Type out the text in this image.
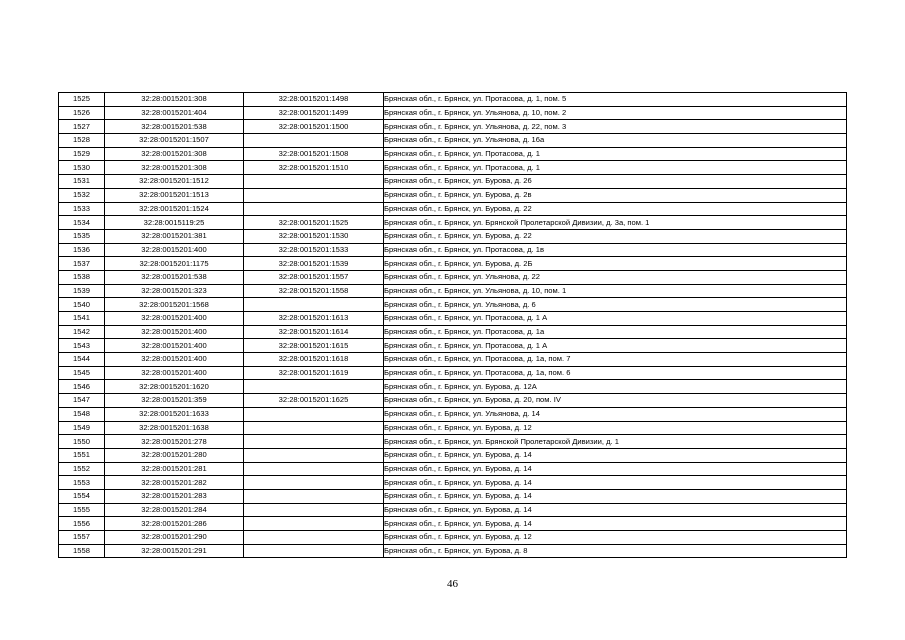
1525	32:28:0015201:308	32:28:0015201:1498	Брянская обл., г. Брянск, ул. Протасова, д. 1, пом. 5
1526	32:28:0015201:404	32:28:0015201:1499	Брянская обл., г. Брянск, ул. Ульянова, д. 10, пом. 2
1527	32:28:0015201:538	32:28:0015201:1500	Брянская обл., г. Брянск, ул. Ульянова, д. 22, пом. 3
1528	32:28:0015201:1507		Брянская обл., г. Брянск, ул. Ульянова, д. 16а
1529	32:28:0015201:308	32:28:0015201:1508	Брянская обл., г. Брянск, ул. Протасова, д. 1
1530	32:28:0015201:308	32:28:0015201:1510	Брянская обл., г. Брянск, ул. Протасова, д. 1
1531	32:28:0015201:1512		Брянская обл., г. Брянск, ул. Бурова, д. 26
1532	32:28:0015201:1513		Брянская обл., г. Брянск, ул. Бурова, д. 2в
1533	32:28:0015201:1524		Брянская обл., г. Брянск, ул. Бурова, д. 22
1534	32:28:0015119:25	32:28:0015201:1525	Брянская обл., г. Брянск, ул. Брянской Пролетарской Дивизии, д. 3а, пом. 1
1535	32:28:0015201:381	32:28:0015201:1530	Брянская обл., г. Брянск, ул. Бурова, д. 22
1536	32:28:0015201:400	32:28:0015201:1533	Брянская обл., г. Брянск, ул. Протасова, д. 1в
1537	32:28:0015201:1175	32:28:0015201:1539	Брянская обл., г. Брянск, ул. Бурова, д. 2Б
1538	32:28:0015201:538	32:28:0015201:1557	Брянская обл., г. Брянск, ул. Ульянова, д. 22
1539	32:28:0015201:323	32:28:0015201:1558	Брянская обл., г. Брянск, ул. Ульянова, д. 10, пом. 1
1540	32:28:0015201:1568		Брянская обл., г. Брянск, ул. Ульянова, д. 6
1541	32:28:0015201:400	32:28:0015201:1613	Брянская обл., г. Брянск, ул. Протасова, д. 1 А
1542	32:28:0015201:400	32:28:0015201:1614	Брянская обл., г. Брянск, ул. Протасова, д. 1а
1543	32:28:0015201:400	32:28:0015201:1615	Брянская обл., г. Брянск, ул. Протасова, д. 1 А
1544	32:28:0015201:400	32:28:0015201:1618	Брянская обл., г. Брянск, ул. Протасова, д. 1а, пом. 7
1545	32:28:0015201:400	32:28:0015201:1619	Брянская обл., г. Брянск, ул. Протасова, д. 1а, пом. 6
1546	32:28:0015201:1620		Брянская обл., г. Брянск, ул. Бурова, д. 12А
1547	32:28:0015201:359	32:28:0015201:1625	Брянская обл., г. Брянск, ул. Бурова, д. 20, пом. IV
1548	32:28:0015201:1633		Брянская обл., г. Брянск, ул. Ульянова, д. 14
1549	32:28:0015201:1638		Брянская обл., г. Брянск, ул. Бурова, д. 12
1550	32:28:0015201:278		Брянская обл., г. Брянск, ул. Брянской Пролетарской Дивизии, д. 1
1551	32:28:0015201:280		Брянская обл., г. Брянск, ул. Бурова, д. 14
1552	32:28:0015201:281		Брянская обл., г. Брянск, ул. Бурова, д. 14
1553	32:28:0015201:282		Брянская обл., г. Брянск, ул. Бурова, д. 14
1554	32:28:0015201:283		Брянская обл., г. Брянск, ул. Бурова, д. 14
1555	32:28:0015201:284		Брянская обл., г. Брянск, ул. Бурова, д. 14
1556	32:28:0015201:286		Брянская обл., г. Брянск, ул. Бурова, д. 14
1557	32:28:0015201:290		Брянская обл., г. Брянск, ул. Бурова, д. 12
1558	32:28:0015201:291		Брянская обл., г. Брянск, ул. Бурова, д. 8
46
